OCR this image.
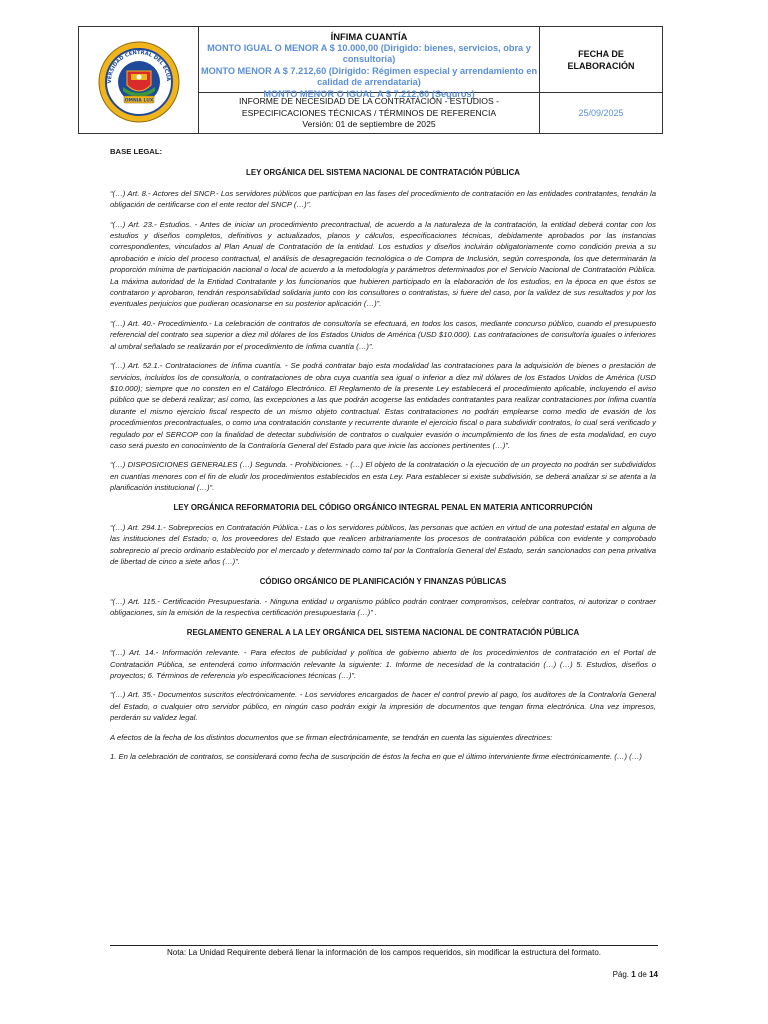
VERSIDAD CENTRAL DEL ECUA
OMNIA LUX
ÍNFIMA CUANTÍA
MONTO IGUAL O MENOR A $ 10.000,00 (Dirigido: bienes, servicios, obra y consultoría)
MONTO MENOR A $ 7.212,60 (Dirigido: Régimen especial y arrendamiento en calidad de arrendataria)
MONTO MENOR O IGUAL A $ 7.212,60 (Seguros)
FECHA DE ELABORACIÓN
INFORME DE NECESIDAD DE LA CONTRATACIÓN - ESTUDIOS - ESPECIFICACIONES TÉCNICAS / TÉRMINOS DE REFERENCIA
Versión: 01 de septiembre de 2025
25/09/2025
BASE LEGAL:
LEY ORGÁNICA DEL SISTEMA NACIONAL DE CONTRATACIÓN PÚBLICA

“(…) Art. 8.- Actores del SNCP.- Los servidores públicos que participan en las fases del procedimiento de contratación en las entidades contratantes, tendrán la obligación de certificarse con el ente rector del SNCP (…)”.

“(…) Art. 23.- Estudios. - Antes de iniciar un procedimiento precontractual, de acuerdo a la naturaleza de la contratación, la entidad deberá contar con los estudios y diseños completos, definitivos y actualizados, planos y cálculos, especificaciones técnicas, debidamente aprobados por las instancias correspondientes, vinculados al Plan Anual de Contratación de la entidad. Los estudios y diseños incluirán obligatoriamente como condición previa a su aprobación e inicio del proceso contractual, el análisis de desagregación tecnológica o de Compra de Inclusión, según corresponda, los que determinarán la proporción mínima de participación nacional o local de acuerdo a la metodología y parámetros determinados por el Servicio Nacional de Contratación Pública. La máxima autoridad de la Entidad Contratante y los funcionarios que hubieren participado en la elaboración de los estudios, en la época en que éstos se contrataron y aprobaron, tendrán responsabilidad solidaria junto con los consultores o contratistas, si fuere del caso, por la validez de sus resultados y por los eventuales perjuicios que pudieran ocasionarse en su posterior aplicación (…)”.

“(…) Art. 40.- Procedimiento.- La celebración de contratos de consultoría se efectuará, en todos los casos, mediante concurso público, cuando el presupuesto referencial del contrato sea superior a diez mil dólares de los Estados Unidos de América (USD $10.000). Las contrataciones de consultoría iguales o inferiores al umbral señalado se realizarán por el procedimiento de ínfima cuantía (…)”.

“(…) Art. 52.1.- Contrataciones de ínfima cuantía. - Se podrá contratar bajo esta modalidad las contrataciones para la adquisición de bienes o prestación de servicios, incluidos los de consultoría, o contrataciones de obra cuya cuantía sea igual o inferior a diez mil dólares de los Estados Unidos de América (USD $10.000); siempre que no consten en el Catálogo Electrónico. El Reglamento de la presente Ley establecerá el procedimiento aplicable, incluyendo el aviso público que se deberá realizar; así como, las excepciones a las que podrán acogerse las entidades contratantes para realizar contrataciones por ínfima cuantía durante el mismo ejercicio fiscal respecto de un mismo objeto contractual. Estas contrataciones no podrán emplearse como medio de evasión de los procedimientos precontractuales, o como una contratación constante y recurrente durante el ejercicio fiscal o para subdividir contratos, lo cual será verificado y regulado por el SERCOP con la finalidad de detectar subdivisión de contratos o cualquier evasión o incumplimiento de los fines de esta modalidad, en cuyo caso será puesto en conocimiento de la Contraloría General del Estado para que inicie las acciones pertinentes (…)”.

“(…) DISPOSICIONES GENERALES (…) Segunda. - Prohibiciones. - (…) El objeto de la contratación o la ejecución de un proyecto no podrán ser subdivididos en cuantías menores con el fin de eludir los procedimientos establecidos en esta Ley. Para establecer si existe subdivisión, se deberá analizar si se atenta a la planificación institucional (…)”.

LEY ORGÁNICA REFORMATORIA DEL CÓDIGO ORGÁNICO INTEGRAL PENAL EN MATERIA ANTICORRUPCIÓN

“(…) Art. 294.1.- Sobreprecios en Contratación Pública.- Las o los servidores públicos, las personas que actúen en virtud de una potestad estatal en alguna de las instituciones del Estado; o, los proveedores del Estado que realicen arbitrariamente los procesos de contratación pública con evidente y comprobado sobreprecio al precio ordinario establecido por el mercado y determinado como tal por la Contraloría General del Estado, serán sancionados con pena privativa de libertad de cinco a siete años (…)”.

CÓDIGO ORGÁNICO DE PLANIFICACIÓN Y FINANZAS PÚBLICAS

“(…) Art. 115.- Certificación Presupuestaria. - Ninguna entidad u organismo público podrán contraer compromisos, celebrar contratos, ni autorizar o contraer obligaciones, sin la emisión de la respectiva certificación presupuestaria (…)” .

REGLAMENTO GENERAL A LA LEY ORGÁNICA DEL SISTEMA NACIONAL DE CONTRATACIÓN PÚBLICA

“(…) Art. 14.- Información relevante. - Para efectos de publicidad y política de gobierno abierto de los procedimientos de contratación en el Portal de Contratación Pública, se entenderá como información relevante la siguiente: 1. Informe de necesidad de la contratación (…) (…) 5. Estudios, diseños o proyectos; 6. Términos de referencia y/o especificaciones técnicas (…)”.

“(…) Art. 35.- Documentos suscritos electrónicamente. - Los servidores encargados de hacer el control previo al pago, los auditores de la Contraloría General del Estado, o cualquier otro servidor público, en ningún caso podrán exigir la impresión de documentos que tengan firma electrónica. Una vez impresos, perderán su validez legal.

A efectos de la fecha de los distintos documentos que se firman electrónicamente, se tendrán en cuenta las siguientes directrices:

1. En la celebración de contratos, se considerará como fecha de suscripción de éstos la fecha en que el último interviniente firme electrónicamente. (…) (…)

Nota: La Unidad Requirente deberá llenar la información de los campos requeridos, sin modificar la estructura del formato.
Pág. 1 de 14
